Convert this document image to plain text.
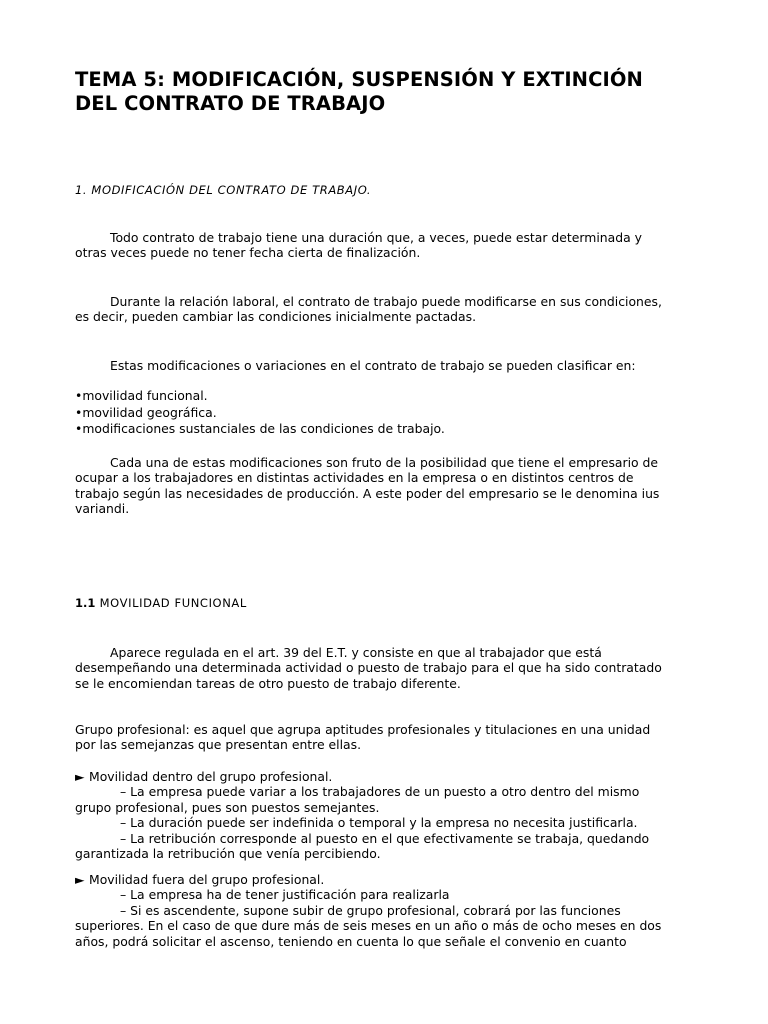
TEMA 5: MODIFICACIÓN, SUSPENSIÓN Y EXTINCIÓN
DEL CONTRATO DE TRABAJO

1. MODIFICACIÓN DEL CONTRATO DE TRABAJO.

Todo contrato de trabajo tiene una duración que, a veces, puede estar determinada y
otras veces puede no tener fecha cierta de finalización.

Durante la relación laboral, el contrato de trabajo puede modificarse en sus condiciones,
es decir, pueden cambiar las condiciones inicialmente pactadas.

Estas modificaciones o variaciones en el contrato de trabajo se pueden clasificar en:

•movilidad funcional.
•movilidad geográfica.
•modificaciones sustanciales de las condiciones de trabajo.

Cada una de estas modificaciones son fruto de la posibilidad que tiene el empresario de
ocupar a los trabajadores en distintas actividades en la empresa o en distintos centros de
trabajo según las necesidades de producción. A este poder del empresario se le denomina ius
variandi.

1.1 MOVILIDAD FUNCIONAL

Aparece regulada en el art. 39 del E.T. y consiste en que al trabajador que está
desempeñando una determinada actividad o puesto de trabajo para el que ha sido contratado
se le encomiendan tareas de otro puesto de trabajo diferente.

Grupo profesional: es aquel que agrupa aptitudes profesionales y titulaciones en una unidad
por las semejanzas que presentan entre ellas.

► Movilidad dentro del grupo profesional.
– La empresa puede variar a los trabajadores de un puesto a otro dentro del mismo
grupo profesional, pues son puestos semejantes.
– La duración puede ser indefinida o temporal y la empresa no necesita justificarla.
– La retribución corresponde al puesto en el que efectivamente se trabaja, quedando
garantizada la retribución que venía percibiendo.
► Movilidad fuera del grupo profesional.
– La empresa ha de tener justificación para realizarla
– Si es ascendente, supone subir de grupo profesional, cobrará por las funciones
superiores. En el caso de que dure más de seis meses en un año o más de ocho meses en dos
años, podrá solicitar el ascenso, teniendo en cuenta lo que señale el convenio en cuanto
